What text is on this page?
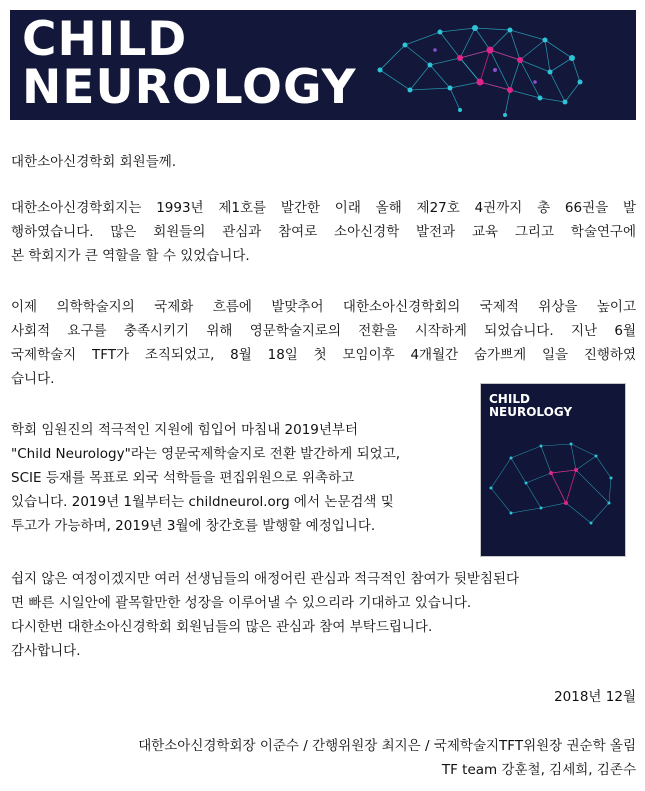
CHILD
NEUROLOGY
대한소아신경학회 회원들께.
대한소아신경학회지는 1993년 제1호를 발간한 이래 올해 제27호 4권까지 총 66권을 발
행하였습니다. 많은 회원들의 관심과 참여로 소아신경학 발전과 교육 그리고 학술연구에
본 학회지가 큰 역할을 할 수 있었습니다.
이제 의학학술지의 국제화 흐름에 발맞추어 대한소아신경학회의 국제적 위상을 높이고
사회적 요구를 충족시키기 위해 영문학술지로의 전환을 시작하게 되었습니다. 지난 6월
국제학술지 TFT가 조직되었고, 8월 18일 첫 모임이후 4개월간 숨가쁘게 일을 진행하였
습니다.
학회 임원진의 적극적인 지원에 힘입어 마침내 2019년부터
"Child Neurology"라는 영문국제학술지로 전환 발간하게 되었고,
SCIE 등재를 목표로 외국 석학들을 편집위원으로 위촉하고
있습니다. 2019년 1월부터는 childneurol.org 에서 논문검색 및
투고가 가능하며, 2019년 3월에 창간호를 발행할 예정입니다.
CHILD
NEUROLOGY
쉽지 않은 여정이겠지만 여러 선생님들의 애정어린 관심과 적극적인 참여가 뒷받침된다
면 빠른 시일안에 괄목할만한 성장을 이루어낼 수 있으리라 기대하고 있습니다.
다시한번 대한소아신경학회 회원님들의 많은 관심과 참여 부탁드립니다.
감사합니다.
2018년 12월
대한소아신경학회장 이준수 / 간행위원장 최지은 / 국제학술지TFT위원장 권순학 올림
TF team 강훈철, 김세희, 김존수
